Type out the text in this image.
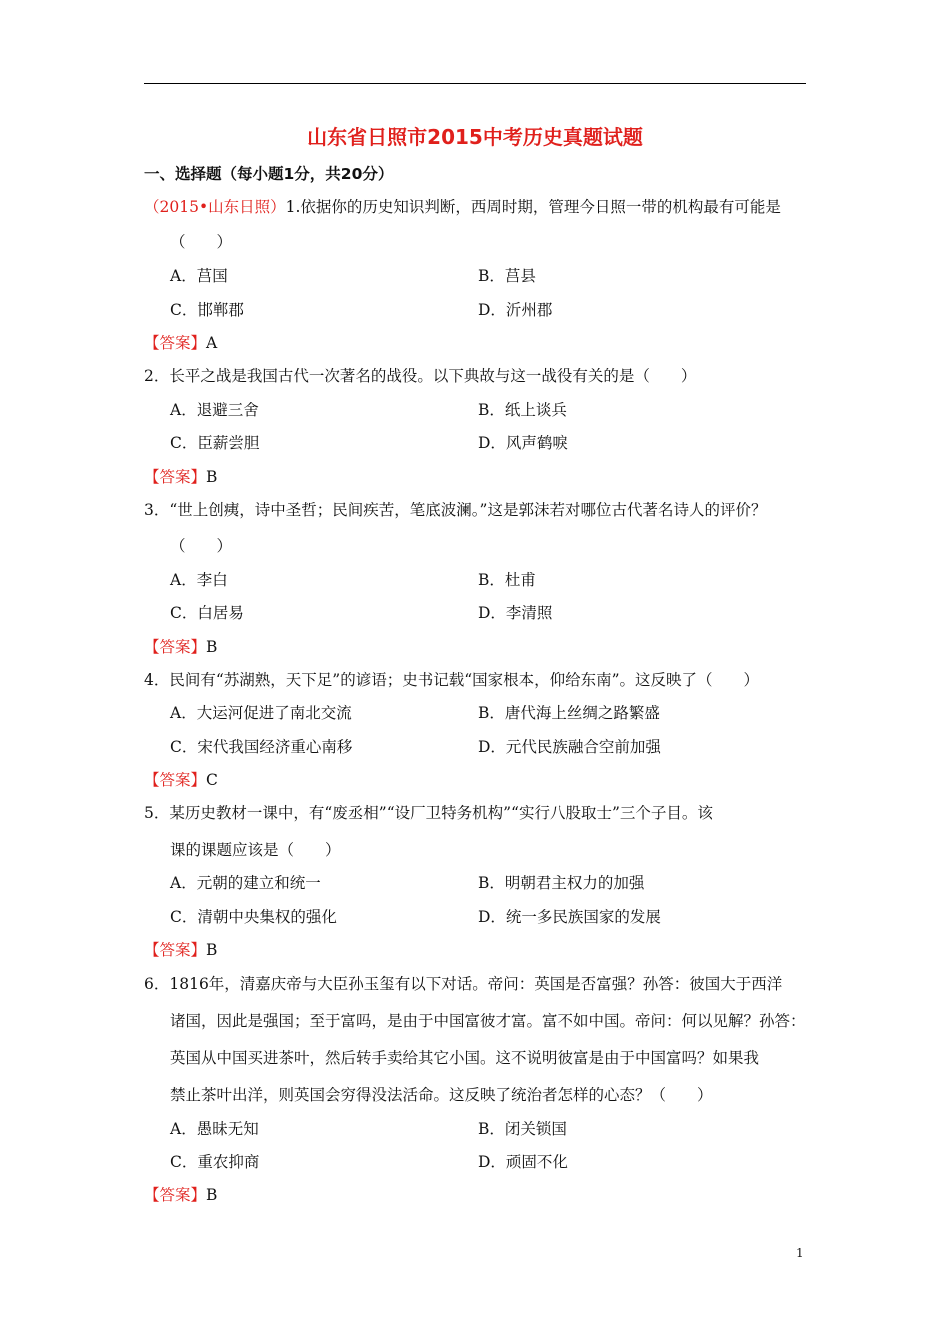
山东省日照市2015中考历史真题试题
一、选择题（每小题1分，共20分）
（2015•山东日照）1.依据你的历史知识判断，西周时期，管理今日照一带的机构最有可能是
（　　）
A．莒国	B．莒县
C．邯郸郡	D．沂州郡
【答案】A
2．长平之战是我国古代一次著名的战役。以下典故与这一战役有关的是（　　）
A．退避三舍	B．纸上谈兵
C．臣薪尝胆	D．风声鹤唳
【答案】B
3．“世上创痍，诗中圣哲；民间疾苦，笔底波澜。”这是郭沫若对哪位古代著名诗人的评价？
（　　）
A．李白	B．杜甫
C．白居易	D．李清照
【答案】B
4．民间有“苏湖熟，天下足”的谚语；史书记载“国家根本，仰给东南”。这反映了（　　）
A．大运河促进了南北交流	B．唐代海上丝绸之路繁盛
C．宋代我国经济重心南移	D．元代民族融合空前加强
【答案】C
5．某历史教材一课中，有“废丞相”“设厂卫特务机构”“实行八股取士”三个子目。该
课的课题应该是（　　）
A．元朝的建立和统一	B．明朝君主权力的加强
C．清朝中央集权的强化	D．统一多民族国家的发展
【答案】B
6．1816年，清嘉庆帝与大臣孙玉玺有以下对话。帝问：英国是否富强？孙答：彼国大于西洋
诸国，因此是强国；至于富吗，是由于中国富彼才富。富不如中国。帝问：何以见解？孙答：
英国从中国买进茶叶，然后转手卖给其它小国。这不说明彼富是由于中国富吗？如果我
禁止茶叶出洋，则英国会穷得没法活命。这反映了统治者怎样的心态？（　　）
A．愚昧无知	B．闭关锁国
C．重农抑商	D．顽固不化
【答案】B
1
